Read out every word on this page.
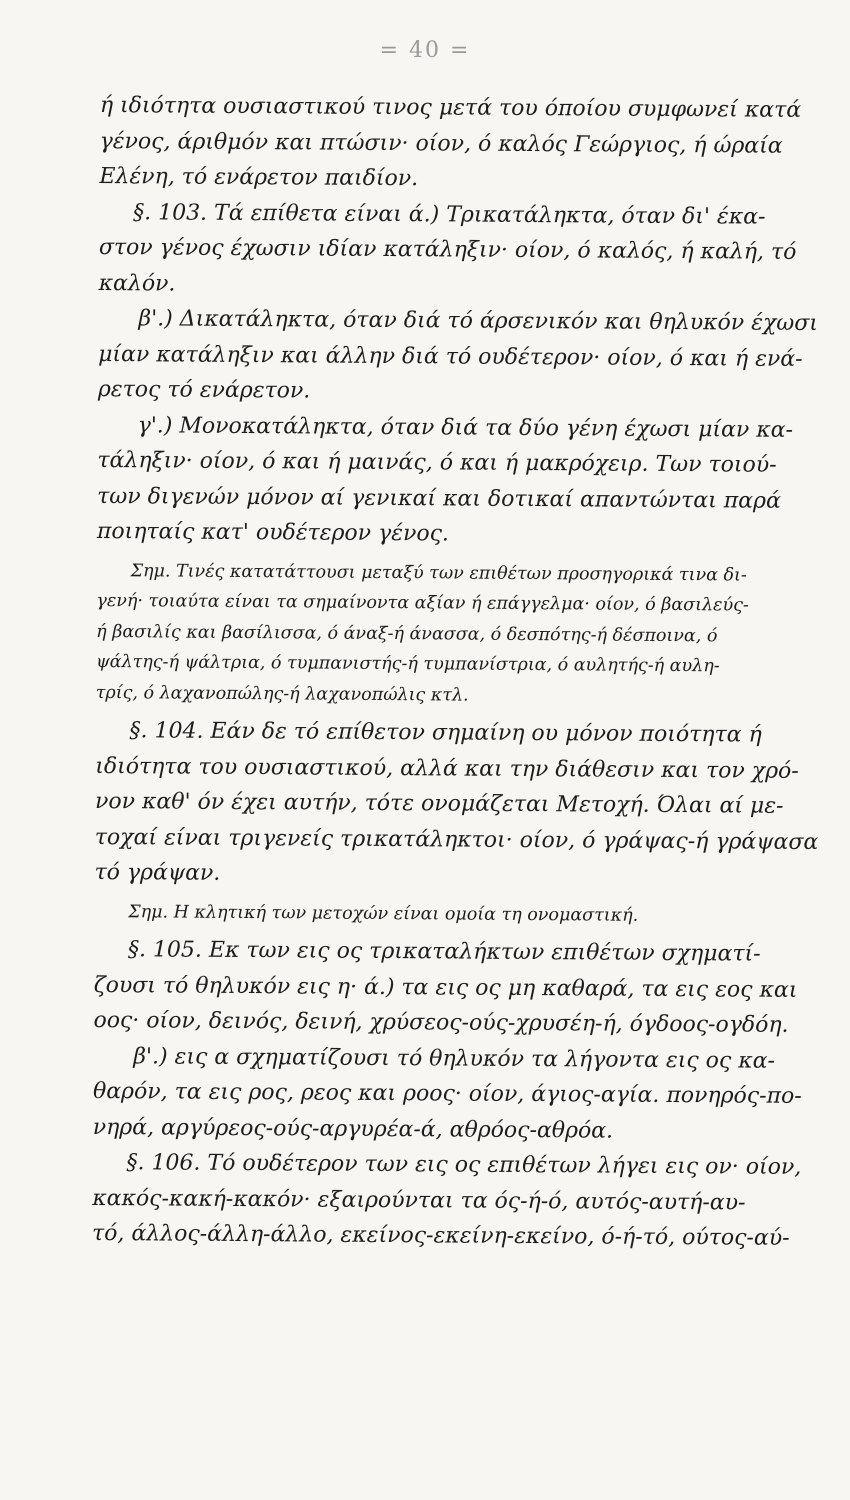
= 40 =
ή ιδιότητα ουσιαστικού τινος μετά του όποίου συμφωνεί κατά
γένος, άριθμόν και πτώσιν· οίον, ό καλός Γεώργιος, ή ώραία
Ελένη, τό ενάρετον παιδίον.
§. 103. Τά επίθετα είναι ά.) Τρικατάληκτα, όταν δι' έκα-
στον γένος έχωσιν ιδίαν κατάληξιν· οίον, ό καλός, ή καλή, τό
καλόν.
β'.) Δικατάληκτα, όταν διά τό άρσενικόν και θηλυκόν έχωσι
μίαν κατάληξιν και άλλην διά τό ουδέτερον· οίον, ό και ή ενά-
ρετος τό ενάρετον.
γ'.) Μονοκατάληκτα, όταν διά τα δύο γένη έχωσι μίαν κα-
τάληξιν· οίον, ό και ή μαινάς, ό και ή μακρόχειρ. Των τοιού-
των διγενών μόνον αί γενικαί και δοτικαί απαντώνται παρά
ποιηταίς κατ' ουδέτερον γένος.
Σημ. Τινές κατατάττουσι μεταξύ των επιθέτων προσηγορικά τινα δι-
γενή· τοιαύτα είναι τα σημαίνοντα αξίαν ή επάγγελμα· οίον, ό βασιλεύς-
ή βασιλίς και βασίλισσα, ό άναξ-ή άνασσα, ό δεσπότης-ή δέσποινα, ό
ψάλτης-ή ψάλτρια, ό τυμπανιστής-ή τυμπανίστρια, ό αυλητής-ή αυλη-
τρίς, ό λαχανοπώλης-ή λαχανοπώλις κτλ.
§. 104. Εάν δε τό επίθετον σημαίνη ου μόνον ποιότητα ή
ιδιότητα του ουσιαστικού, αλλά και την διάθεσιν και τον χρό-
νον καθ' όν έχει αυτήν, τότε ονομάζεται Μετοχή. Όλαι αί με-
τοχαί είναι τριγενείς τρικατάληκτοι· οίον, ό γράψας-ή γράψασα
τό γράψαν.
Σημ. Η κλητική των μετοχών είναι ομοία τη ονομαστική.
§. 105. Εκ των εις ος τρικαταλήκτων επιθέτων σχηματί-
ζουσι τό θηλυκόν εις η· ά.) τα εις ος μη καθαρά, τα εις εος και
οος· οίον, δεινός, δεινή, χρύσεος-ούς-χρυσέη-ή, όγδοος-ογδόη.
β'.) εις α σχηματίζουσι τό θηλυκόν τα λήγοντα εις ος κα-
θαρόν, τα εις ρος, ρεος και ροος· οίον, άγιος-αγία. πονηρός-πο-
νηρά, αργύρεος-ούς-αργυρέα-ά, αθρόος-αθρόα.
§. 106. Τό ουδέτερον των εις ος επιθέτων λήγει εις ον· οίον,
κακός-κακή-κακόν· εξαιρούνται τα ός-ή-ό, αυτός-αυτή-αυ-
τό, άλλος-άλλη-άλλο, εκείνος-εκείνη-εκείνο, ό-ή-τό, ούτος-αύ-
